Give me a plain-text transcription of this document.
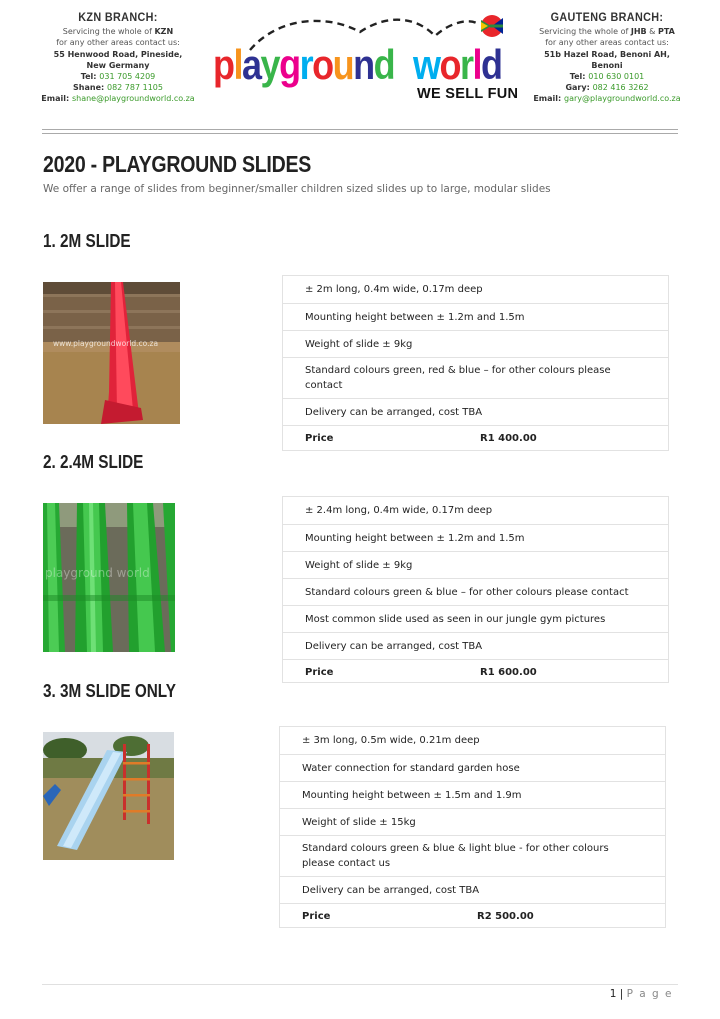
KZN BRANCH:
Servicing the whole of KZN
for any other areas contact us:
55 Henwood Road, Pineside,
New Germany
Tel: 031 705 4209
Shane: 082 787 1105
Email: shane@playgroundworld.co.za
playground world
WE SELL FUN
GAUTENG BRANCH:
Servicing the whole of JHB & PTA
for any other areas contact us:
51b Hazel Road, Benoni AH,
Benoni
Tel: 010 630 0101
Gary: 082 416 3262
Email: gary@playgroundworld.co.za
2020 - PLAYGROUND SLIDES
We offer a range of slides from beginner/smaller children sized slides up to large, modular slides
1. 2M SLIDE
www.playgroundworld.co.za
± 2m long, 0.4m wide, 0.17m deep
Mounting height between ± 1.2m and 1.5m
Weight of slide ± 9kg
Standard colours green, red & blue – for other colours please contact
Delivery can be arranged, cost TBA
Price	R1 400.00
2. 2.4M SLIDE
playground world
± 2.4m long, 0.4m wide, 0.17m deep
Mounting height between ± 1.2m and 1.5m
Weight of slide ± 9kg
Standard colours green & blue – for other colours please contact
Most common slide used as seen in our jungle gym pictures
Delivery can be arranged, cost TBA
Price	R1 600.00
3. 3M SLIDE ONLY
± 3m long, 0.5m wide, 0.21m deep
Water connection for standard garden hose
Mounting height between ± 1.5m and 1.9m
Weight of slide ± 15kg
Standard colours green & blue & light blue - for other colours please contact us
Delivery can be arranged, cost TBA
Price	R2 500.00
1 | P a g e
